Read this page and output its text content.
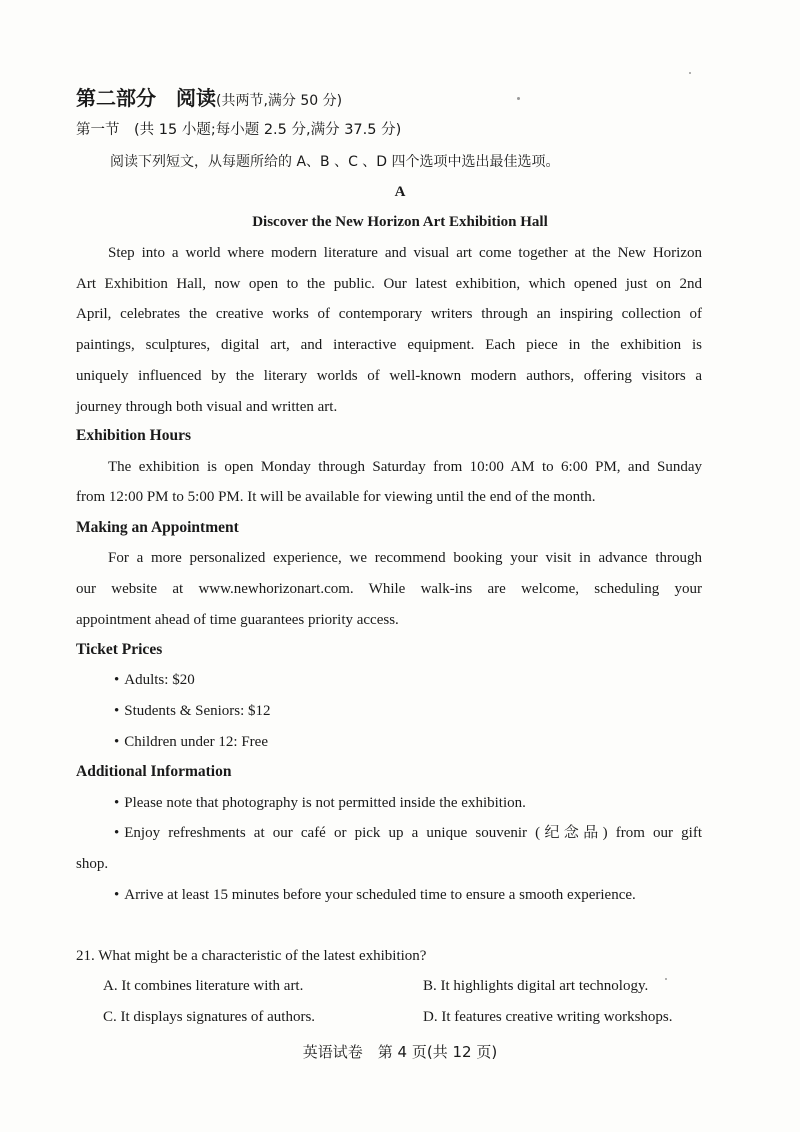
第二部分　阅读(共两节,满分 50 分)
第一节　(共 15 小题;每小题 2.5 分,满分 37.5 分)
阅读下列短文，从每题所给的 A、B 、C 、D 四个选项中选出最佳选项。
A
Discover the New Horizon Art Exhibition Hall
Step into a world where modern literature and visual art come together at the New Horizon
Art Exhibition Hall, now open to the public. Our latest exhibition, which opened just on 2nd
April, celebrates the creative works of contemporary writers through an inspiring collection of
paintings, sculptures, digital art, and interactive equipment. Each piece in the exhibition is
uniquely influenced by the literary worlds of well-known modern authors, offering visitors a
journey through both visual and written art.
Exhibition Hours
The exhibition is open Monday through Saturday from 10:00 AM to 6:00 PM, and Sunday
from 12:00 PM to 5:00 PM. It will be available for viewing until the end of the month.
Making an Appointment
For a more personalized experience, we recommend booking your visit in advance through
our website at www.newhorizonart.com. While walk-ins are welcome, scheduling your
appointment ahead of time guarantees priority access.
Ticket Prices
• Adults: $20
• Students & Seniors: $12
• Children under 12: Free
Additional Information
• Please note that photography is not permitted inside the exhibition.
• Enjoy refreshments at our café or pick up a unique souvenir (纪念品) from our gift
shop.
• Arrive at least 15 minutes before your scheduled time to ensure a smooth experience.
21. What might be a characteristic of the latest exhibition?
A. It combines literature with art.	B. It highlights digital art technology.
C. It displays signatures of authors.	D. It features creative writing workshops.
英语试卷　第 4 页(共 12 页)
